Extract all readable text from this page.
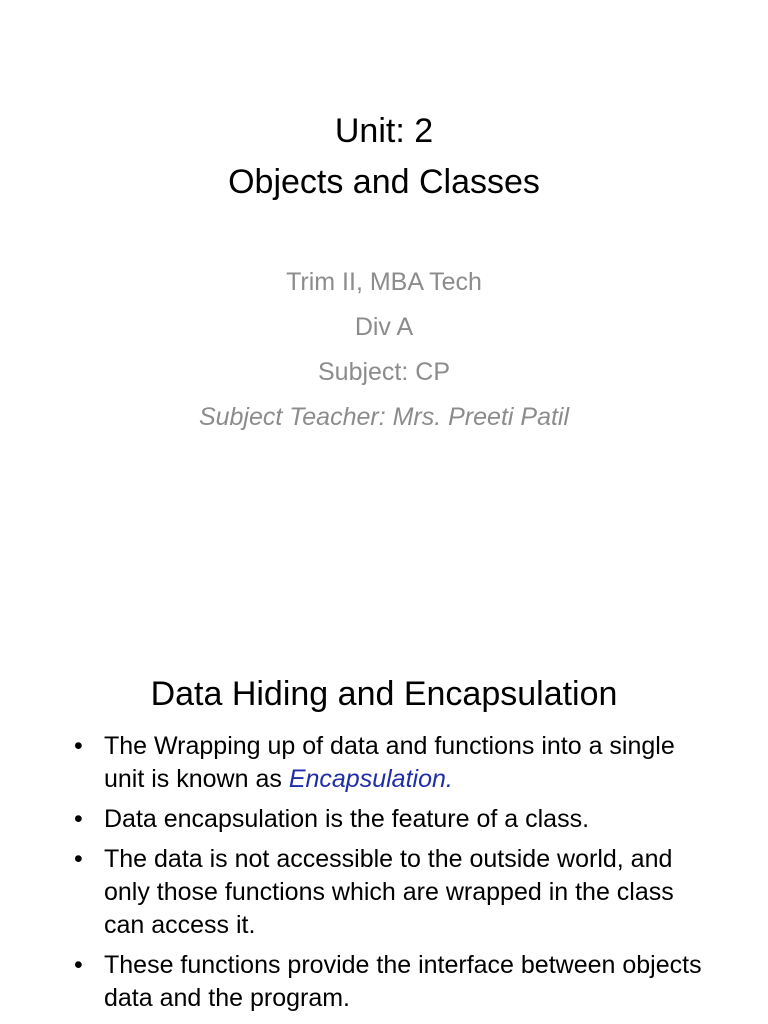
Unit: 2
Objects and Classes
Trim II, MBA Tech
Div A
Subject: CP
Subject Teacher: Mrs. Preeti Patil
Data Hiding and Encapsulation
• The Wrapping up of data and functions into a single unit is known as Encapsulation.
• Data encapsulation is the feature of a class.
• The data is not accessible to the outside world, and only those functions which are wrapped in the class can access it.
• These functions provide the interface between objects data and the program.
